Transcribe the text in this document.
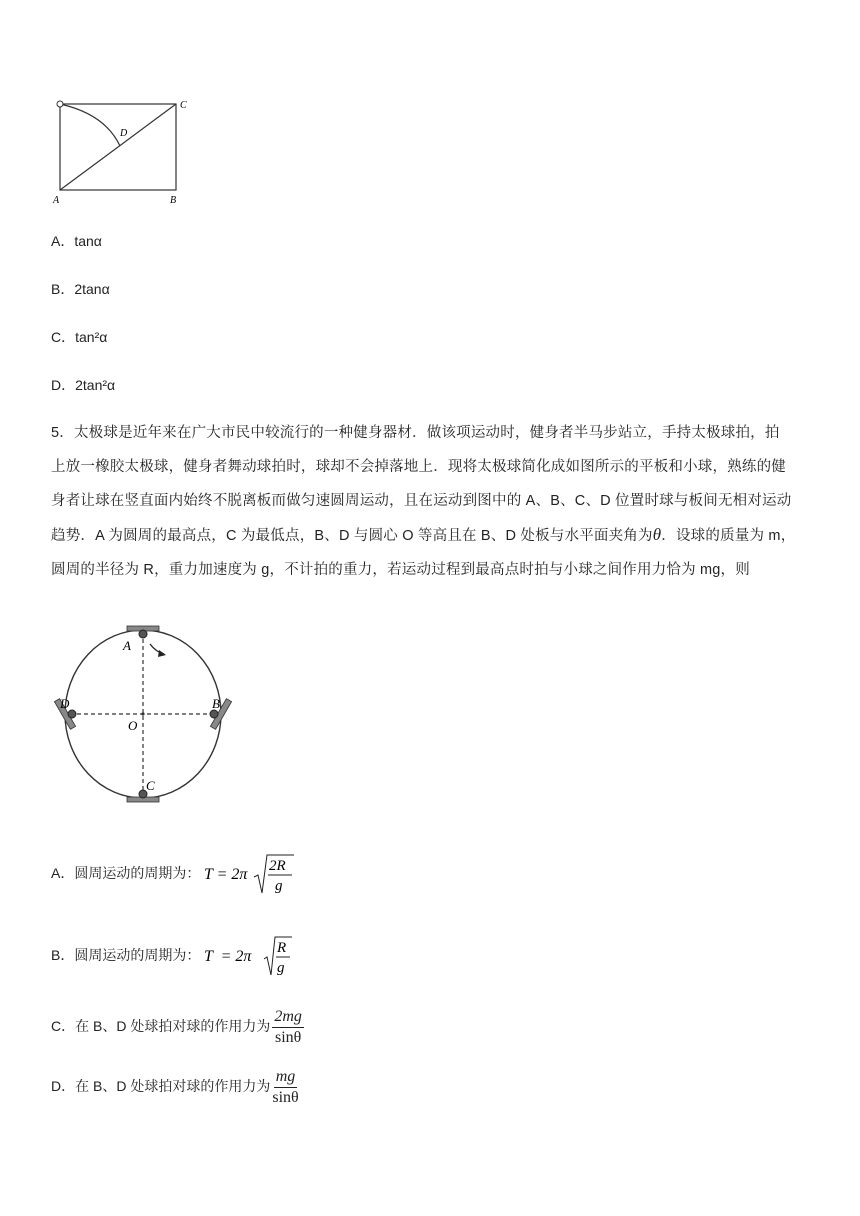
C
D
A	B
A．tanα
B．2tanα
C．tan²α
D．2tan²α
5．太极球是近年来在广大市民中较流行的一种健身器材．做该项运动时，健身者半马步站立，手持太极球拍，拍
上放一橡胶太极球，健身者舞动球拍时，球却不会掉落地上．现将太极球简化成如图所示的平板和小球，熟练的健
身者让球在竖直面内始终不脱离板而做匀速圆周运动，且在运动到图中的 A、B、C、D 位置时球与板间无相对运动
趋势．A 为圆周的最高点，C 为最低点，B、D 与圆心 O 等高且在 B、D 处板与水平面夹角为θ．设球的质量为 m，
圆周的半径为 R，重力加速度为 g，不计拍的重力，若运动过程到最高点时拍与小球之间作用力恰为 mg，则
A
B
C
D
O
A．圆周运动的周期为： T = 2π 2R
g
B．圆周运动的周期为： T  = 2π R
g
C．在 B、D 处球拍对球的作用力为 $\frac{2mg}{\sin\theta}$
D．在 B、D 处球拍对球的作用力为 $\frac{mg}{\sin\theta}$
